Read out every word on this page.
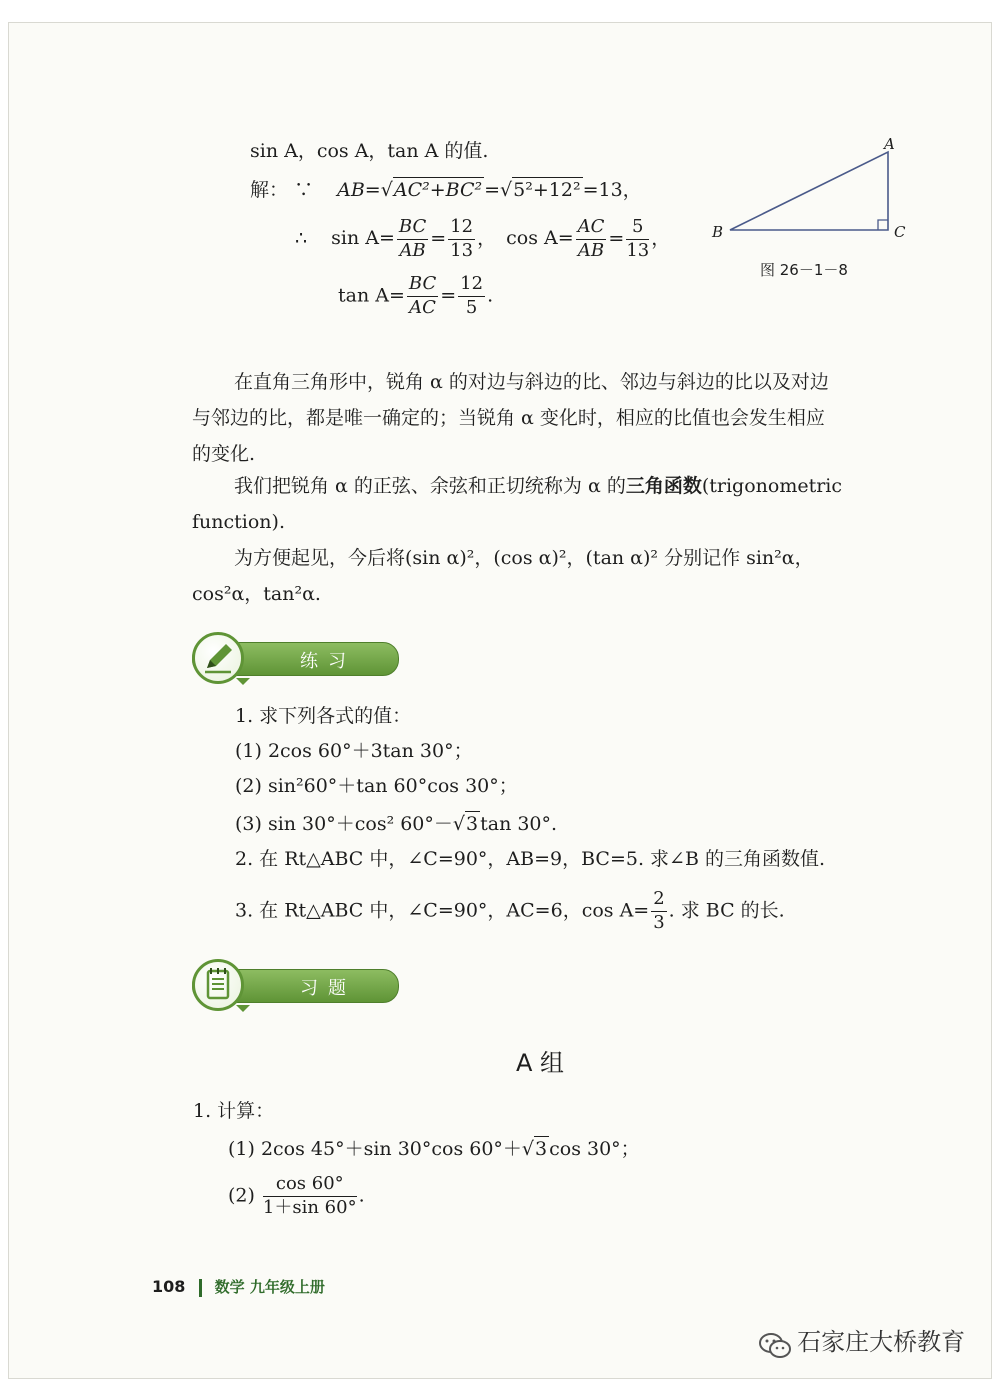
sin A，cos A，tan A 的值.
解： ∵ AB=√AC²+BC² =√5²+12² =13，
∴ $\sin A= \frac{BC}{AB} = \frac{12}{13}$ ， $\cos A= \frac{AC}{AB} = \frac{5}{13}$ ，
$\tan A= \frac{BC}{AC} = \frac{12}{5}$ .
A
B	C
图 26－1－8
在直角三角形中，锐角 α 的对边与斜边的比、邻边与斜边的比以及对边
与邻边的比，都是唯一确定的；当锐角 α 变化时，相应的比值也会发生相应
的变化.
我们把锐角 α 的正弦、余弦和正切统称为 α 的三角函数(trigonometric
function).
为方便起见，今后将(sin α)²，(cos α)²，(tan α)² 分别记作 sin²α，
cos²α，tan²α.
练习
1. 求下列各式的值：
(1) 2cos 60°＋3tan 30°；
(2) sin²60°＋tan 60°cos 30°；
(3) sin 30°＋cos² 60°－√3 tan 30°.
2. 在 Rt△ABC 中，∠C=90°，AB=9，BC=5. 求∠B 的三角函数值.
3. 在 Rt△ABC 中，∠C=90°，AC=6，$\cos A= \frac{2}{3}$ . 求 BC 的长.
习题
A 组
1. 计算：
(1) 2cos 45°＋sin 30°cos 60°＋√3 cos 30°；
$(2) \frac{\cos 60^\circ}{1+\sin 60^\circ}$ .
108 数学 九年级上册
石家庄大桥教育
